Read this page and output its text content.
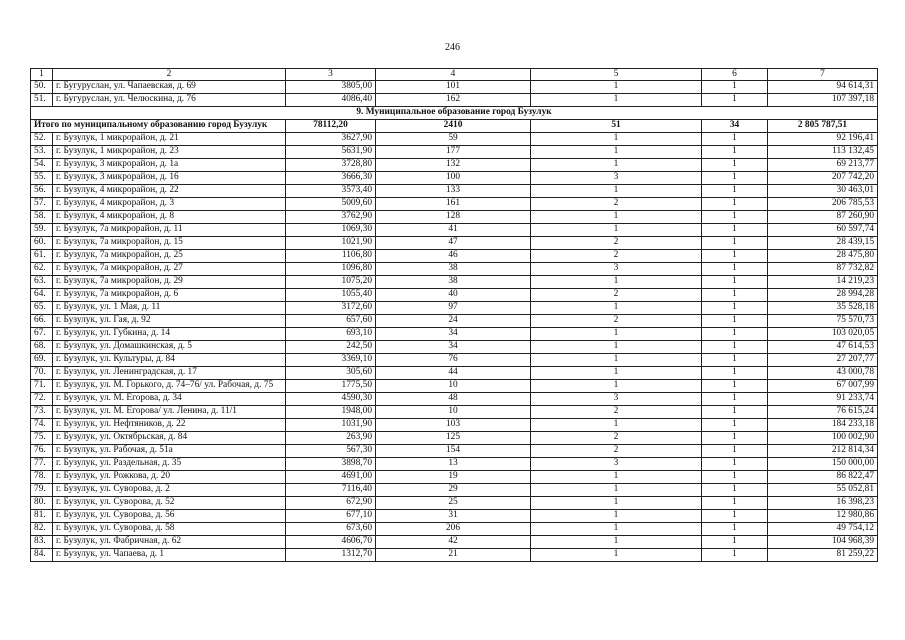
246
1	2	3	4	5	6	7
50.	г. Бугуруслан, ул. Чапаевская, д. 69	3805,00	101	1	1	94 614,31
51.	г. Бугуруслан, ул. Челюскина, д. 76	4086,40	162	1	1	107 397,18
9. Муниципальное образование город Бузулук						
Итого по муниципальному образованию город Бузулук		78112,20	2410	51	34	2 805 787,51
52.	г. Бузулук, 1 микрорайон, д. 21	3627,90	59	1	1	92 196,41
53.	г. Бузулук, 1 микрорайон, д. 23	5631,90	177	1	1	113 132,45
54.	г. Бузулук, 3 микрорайон, д. 1а	3728,80	132	1	1	69 213,77
55.	г. Бузулук, 3 микрорайон, д. 16	3666,30	100	3	1	207 742,20
56.	г. Бузулук, 4 микрорайон, д. 22	3573,40	133	1	1	30 463,01
57.	г. Бузулук, 4 микрорайон, д. 3	5009,60	161	2	1	206 785,53
58.	г. Бузулук, 4 микрорайон, д. 8	3762,90	128	1	1	87 260,90
59.	г. Бузулук, 7а микрорайон, д. 11	1069,30	41	1	1	60 597,74
60.	г. Бузулук, 7а микрорайон, д. 15	1021,90	47	2	1	28 439,15
61.	г. Бузулук, 7а микрорайон, д. 25	1106,80	46	2	1	28 475,80
62.	г. Бузулук, 7а микрорайон, д. 27	1096,80	38	3	1	87 732,82
63.	г. Бузулук, 7а микрорайон, д. 29	1075,20	38	1	1	14 219,23
64.	г. Бузулук, 7а микрорайон, д. 6	1055,40	40	2	1	28 994,28
65.	г. Бузулук, ул. 1 Мая, д. 11	3172,60	97	1	1	35 528,18
66.	г. Бузулук, ул. Гая, д. 92	657,60	24	2	1	75 570,73
67.	г. Бузулук, ул. Губкина, д. 14	693,10	34	1	1	103 020,05
68.	г. Бузулук, ул. Домашкинская, д. 5	242,50	34	1	1	47 614,53
69.	г. Бузулук, ул. Культуры, д. 84	3369,10	76	1	1	27 207,77
70.	г. Бузулук, ул. Ленинградская, д. 17	305,60	44	1	1	43 000,78
71.	г. Бузулук, ул. М. Горького, д. 74–76/ ул. Рабочая, д. 75	1775,50	10	1	1	67 007,99
72.	г. Бузулук, ул. М. Егорова, д. 34	4590,30	48	3	1	91 233,74
73.	г. Бузулук, ул. М. Егорова/ ул. Ленина, д. 11/1	1948,00	10	2	1	76 615,24
74.	г. Бузулук, ул. Нефтяников, д. 22	1031,90	103	1	1	184 233,18
75.	г. Бузулук, ул. Октябрьская, д. 84	263,90	125	2	1	100 002,90
76.	г. Бузулук, ул. Рабочая, д. 51а	567,30	154	2	1	212 814,34
77.	г. Бузулук, ул. Раздельная, д. 35	3898,70	13	3	1	150 000,00
78.	г. Бузулук, ул. Рожкова, д. 20	4691,00	19	1	1	86 822,47
79.	г. Бузулук, ул. Суворова, д. 2	7116,40	29	1	1	55 052,81
80.	г. Бузулук, ул. Суворова, д. 52	672,90	25	1	1	16 398,23
81.	г. Бузулук, ул. Суворова, д. 56	677,10	31	1	1	12 980,86
82.	г. Бузулук, ул. Суворова, д. 58	673,60	206	1	1	49 754,12
83.	г. Бузулук, ул. Фабричная, д. 62	4606,70	42	1	1	104 968,39
84.	г. Бузулук, ул. Чапаева, д. 1	1312,70	21	1	1	81 259,22
